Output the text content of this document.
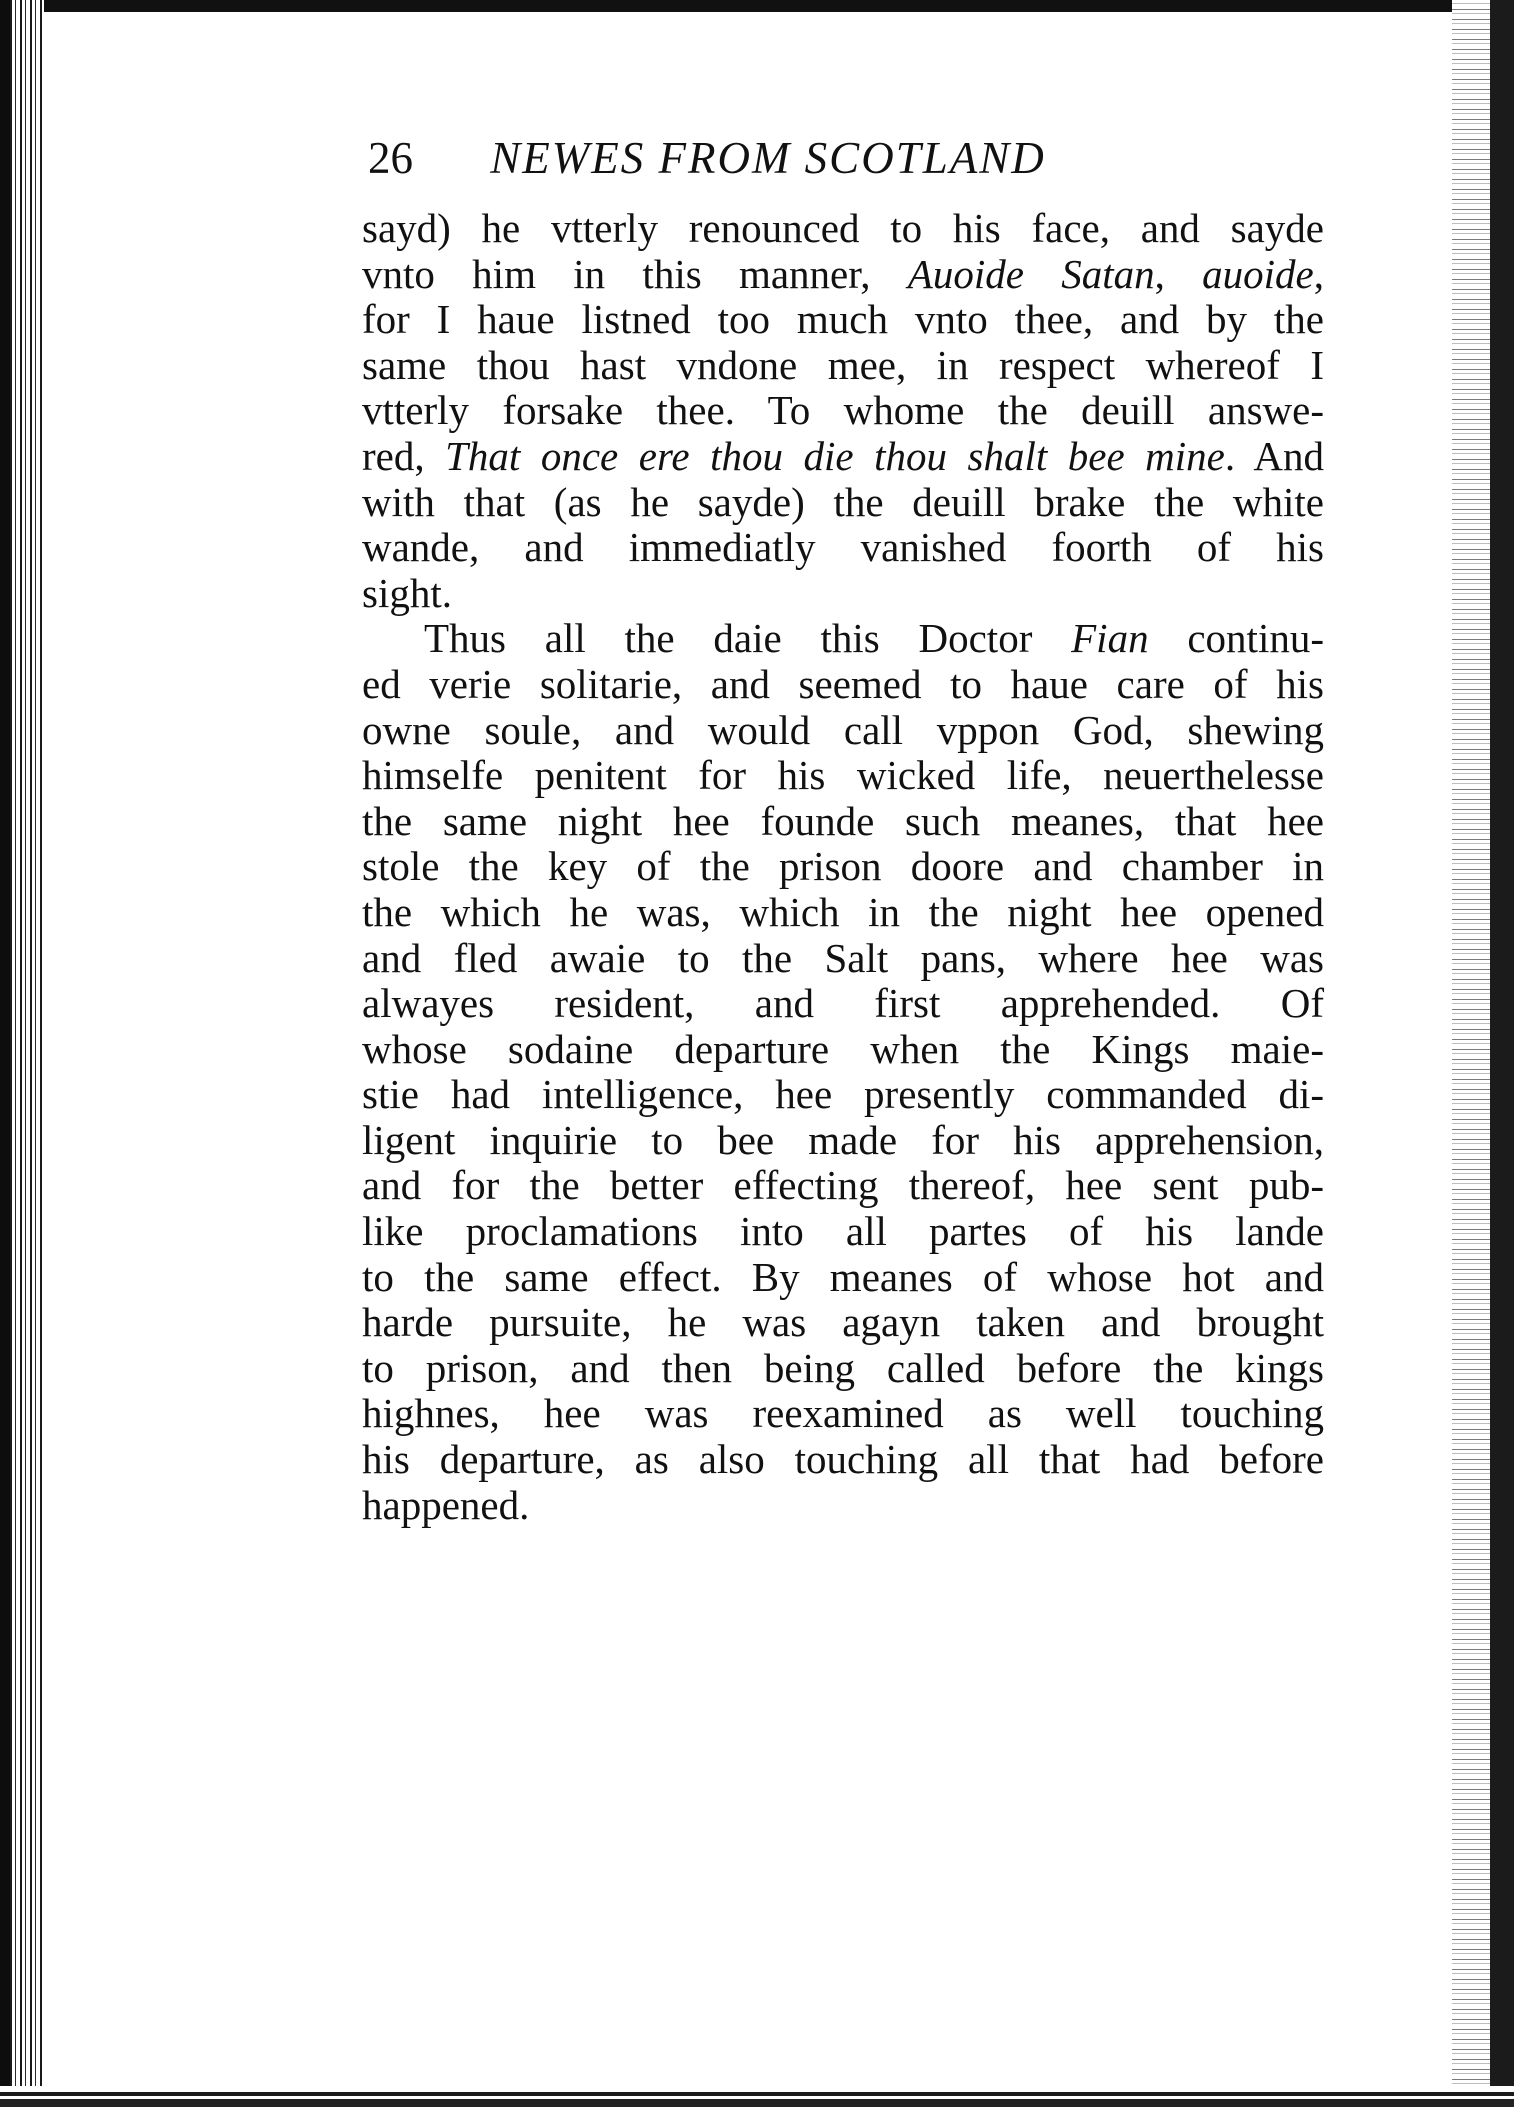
26 NEWES FROM SCOTLAND
sayd) he vtterly renounced to his face, and sayde
vnto him in this manner, Auoide Satan, auoide,
for I haue listned too much vnto thee, and by the
same thou hast vndone mee, in respect whereof I
vtterly forsake thee. To whome the deuill answe-
red, That once ere thou die thou shalt bee mine. And
with that (as he sayde) the deuill brake the white
wande, and immediatly vanished foorth of his
sight.
Thus all the daie this Doctor Fian continu-
ed verie solitarie, and seemed to haue care of his
owne soule, and would call vppon God, shewing
himselfe penitent for his wicked life, neuerthelesse
the same night hee founde such meanes, that hee
stole the key of the prison doore and chamber in
the which he was, which in the night hee opened
and fled awaie to the Salt pans, where hee was
alwayes resident, and first apprehended. Of
whose sodaine departure when the Kings maie-
stie had intelligence, hee presently commanded di-
ligent inquirie to bee made for his apprehension,
and for the better effecting thereof, hee sent pub-
like proclamations into all partes of his lande
to the same effect. By meanes of whose hot and
harde pursuite, he was agayn taken and brought
to prison, and then being called before the kings
highnes, hee was reexamined as well touching
his departure, as also touching all that had before
happened.
